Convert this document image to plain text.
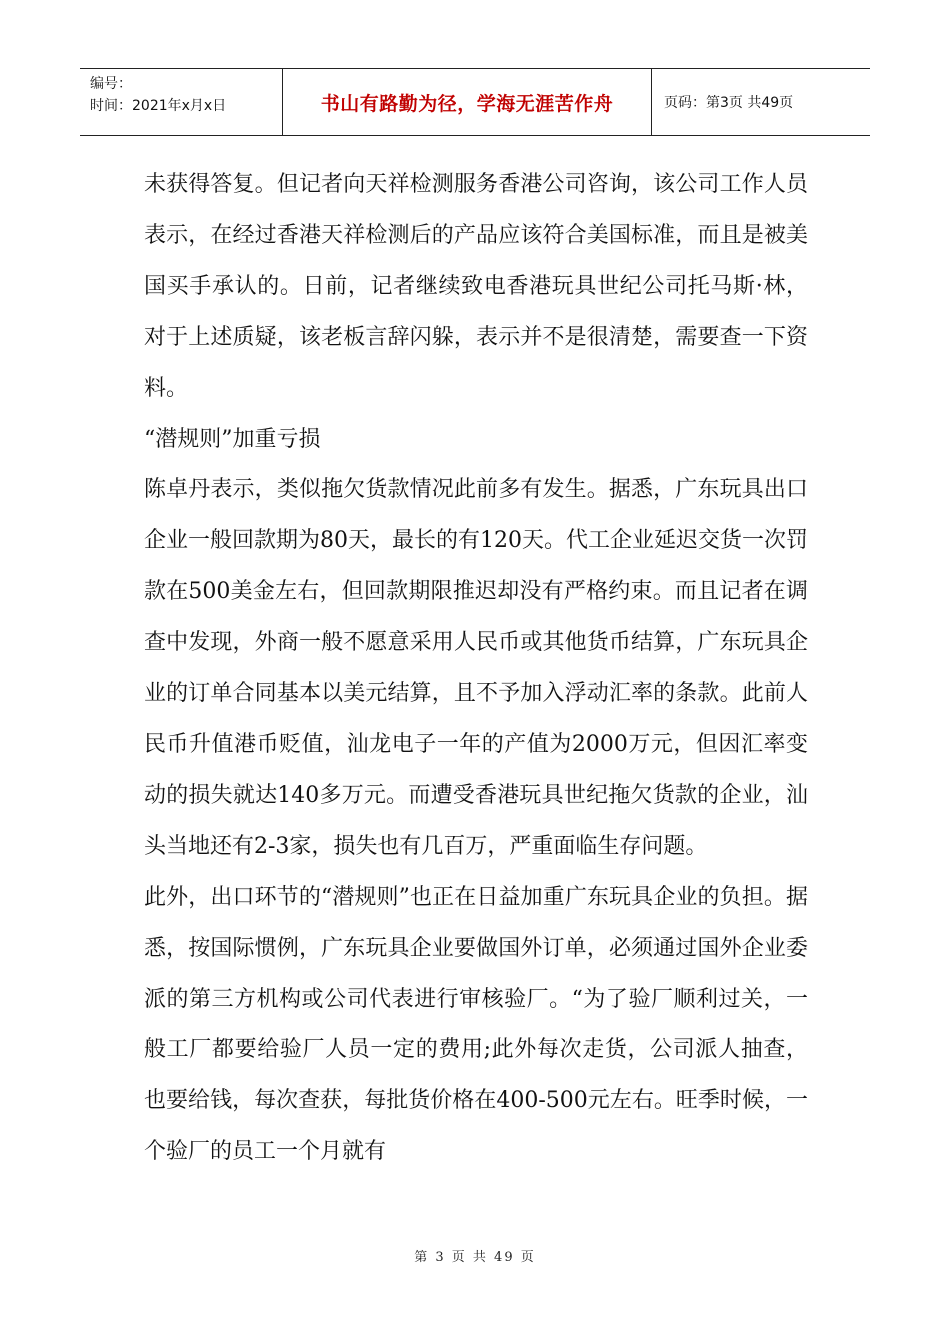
编号：
时间：2021年x月x日	书山有路勤为径，学海无涯苦作舟	页码：第3页 共49页

未获得答复。但记者向天祥检测服务香港公司咨询，该公司工作人员表示，在经过香港天祥检测后的产品应该符合美国标准，而且是被美国买手承认的。日前，记者继续致电香港玩具世纪公司托马斯·林，对于上述质疑，该老板言辞闪躲，表示并不是很清楚，需要查一下资料。

“潜规则”加重亏损

陈卓丹表示，类似拖欠货款情况此前多有发生。据悉，广东玩具出口企业一般回款期为80天，最长的有120天。代工企业延迟交货一次罚款在500美金左右，但回款期限推迟却没有严格约束。而且记者在调查中发现，外商一般不愿意采用人民币或其他货币结算，广东玩具企业的订单合同基本以美元结算，且不予加入浮动汇率的条款。此前人民币升值港币贬值，汕龙电子一年的产值为2000万元，但因汇率变动的损失就达140多万元。而遭受香港玩具世纪拖欠货款的企业，汕头当地还有2-3家，损失也有几百万，严重面临生存问题。

此外，出口环节的“潜规则”也正在日益加重广东玩具企业的负担。据悉，按国际惯例，广东玩具企业要做国外订单，必须通过国外企业委派的第三方机构或公司代表进行审核验厂。“为了验厂顺利过关，一般工厂都要给验厂人员一定的费用;此外每次走货，公司派人抽查，也要给钱，每次查获，每批货价格在400-500元左右。旺季时候，一个验厂的员工一个月就有

第 3 页 共 49 页
